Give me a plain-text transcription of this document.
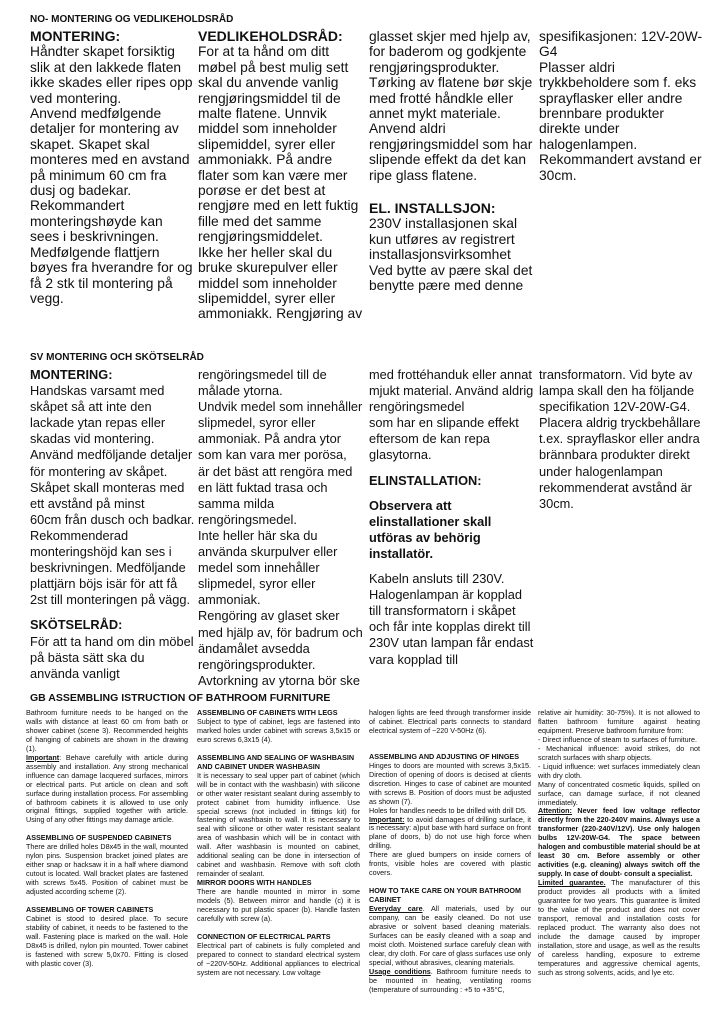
NO- MONTERING OG VEDLIKEHOLDSRÅD

MONTERING:

Håndter skapet forsiktig

slik at den lakkede flaten

ikke skades eller ripes opp

ved montering.

Anvend medfølgende

detaljer for montering av

skapet. Skapet skal

monteres med en avstand

på minimum 60 cm fra

dusj og badekar.

Rekommandert

monteringshøyde kan

sees i beskrivningen.

Medfølgende flattjern

bøyes fra hverandre for og

få 2 stk til montering på

vegg.

VEDLIKEHOLDSRÅD:

For at ta hånd om ditt

møbel på best mulig sett

skal du anvende vanlig

rengjøringsmiddel til de

malte flatene. Unnvik

middel som inneholder

slipemiddel, syrer eller

ammoniakk. På andre

flater som kan være mer

porøse er det best at

rengjøre med en lett fuktig

fille med det samme

rengjøringsmiddelet.

Ikke her heller skal du

bruke skurepulver eller

middel som inneholder

slipemiddel, syrer eller

ammoniakk. Rengjøring av

glasset skjer med hjelp av,

for baderom og godkjente

rengjøringsprodukter.

Tørking av flatene bør skje

med frotté håndkle eller

annet mykt materiale.

Anvend aldri

rengjøringsmiddel som har

slipende effekt da det kan

ripe glass flatene.

EL. INSTALLSJON:

230V installasjonen skal

kun utføres av registrert

installasjonsvirksomhet

Ved bytte av pære skal det

benytte pære med denne

spesifikasjonen: 12V-20W-

G4

Plasser aldri

trykkbeholdere som f. eks

sprayflasker eller andre

brennbare produkter

direkte under

halogenlampen.

Rekommandert avstand er

30cm.

SV MONTERING OCH SKÖTSELRÅD

MONTERING:

Handskas varsamt med

skåpet så att inte den

lackade ytan repas eller

skadas vid montering.

Använd medföljande detaljer

för montering av skåpet.

Skåpet skall monteras med

ett avstånd på minst

60cm från dusch och badkar.

Rekommenderad

monteringshöjd kan ses i

beskrivningen. Medföljande

plattjärn böjs isär för att få

2st till monteringen på vägg.

SKÖTSELRÅD:

För att ta hand om din möbel

på bästa sätt ska du

använda vanligt

rengöringsmedel till de

målade ytorna.

Undvik medel som innehåller

slipmedel, syror eller

ammoniak. På andra ytor

som kan vara mer porösa,

är det bäst att rengöra med

en lätt fuktad trasa och

samma milda

rengöringsmedel.

Inte heller här ska du

använda skurpulver eller

medel som innehåller

slipmedel, syror eller

ammoniak.

Rengöring av glaset sker

med hjälp av, för badrum och

ändamålet avsedda

rengöringsprodukter.

Avtorkning av ytorna bör ske

med frottéhanduk eller annat

mjukt material. Använd aldrig

rengöringsmedel

som har en slipande effekt

eftersom de kan repa

glasytorna.

ELINSTALLATION:

Observera att

elinstallationer skall

utföras av behörig

installatör.

Kabeln ansluts till 230V.

Halogenlampan är kopplad

till transformatorn i skåpet

och får inte kopplas direkt till

230V utan lampan får endast

vara kopplad till

transformatorn. Vid byte av

lampa skall den ha följande

specifikation 12V-20W-G4.

Placera aldrig tryckbehållare

t.ex. sprayflaskor eller andra

brännbara produkter direkt

under halogenlampan

rekommenderat avstånd är

30cm.

GB ASSEMBLING ISTRUCTION OF BATHROOM FURNITURE

Bathroom furniture needs to be hanged on the walls with distance at least 60 cm from bath or shower cabinet (scene 3). Recommended heights of hanging of cabinets are shown in the drawing (1).

Important: Behave carefully with article during assembly and installation. Any strong mechanical influence can damage lacquered surfaces, mirrors or electrical parts. Put article on clean and soft surface during installation process. For assembling of bathroom cabinets it is allowed to use only original fittings, supplied together with article. Using of any other fittings may damage article.

ASSEMBLING OF SUSPENDED CABINETS

There are drilled holes D8x45 in the wall, mounted nylon pins. Suspension bracket joined plates are either snap or hacksaw it in a half where diamond cutout is located. Wall bracket plates are fastened with screws 5x45. Position of cabinet must be adjusted according scheme (2).

ASSEMBLING OF TOWER CABINETS

Cabinet is stood to desired place. To secure stability of cabinet, it needs to be fastened to the wall. Fastening place is marked on the wall. Hole D8x45 is drilled, nylon pin mounted. Tower cabinet is fastened with screw 5,0x70. Fitting is closed with plastic cover (3).

ASSEMBLING OF CABINETS WITH LEGS

Subject to type of cabinet, legs are fastened into marked holes under cabinet with screws 3,5x15 or euro screws 6,3x15 (4).

ASSEMBLING AND SEALING OF WASHBASIN AND CABINET UNDER WASHBASIN

It is necessary to seal upper part of cabinet (which will be in contact with the washbasin) with silicone or other water resistant sealant during assembly to protect cabinet from humidity influence. Use special screws (not included in fittings kit) for fastening of washbasin to wall. It is necessary to seal with silicone or other water resistant sealant area of washbasin which will be in contact with wall. After washbasin is mounted on cabinet, additional sealing can be done in intersection of cabinet and washbasin. Remove with soft cloth remainder of sealant.

MIRROR DOORS WITH HANDLES

There are handle mounted in mirror in some models (5). Between mirror and handle (c) it is necessary to put plastic spacer (b). Handle fasten carefully with screw (a).

CONNECTION OF ELECTRICAL PARTS

Electrical part of cabinets is fully completed and prepared to connect to standard electrical system of ~220V-50Hz. Additional appliances to electrical system are not necessary. Low voltage

halogen lights are feed through transformer inside of cabinet. Electrical parts connects to standard electrical system of ~220 V-50Hz (6).

ASSEMBLING AND ADJUSTING OF HINGES

Hinges to doors are mounted with screws 3,5x15. Direction of opening of doors is decised at clients discretion. Hinges to case of cabinet are mounted with screws B. Position of doors must be adjusted as shown (7).

Holes for handles needs to be drilled with drill D5.

Important: to avoid damages of drilling surface, it is necessary: a)put base with hard surface on front plane of doors, b) do not use high force when drilling.

There are glued bumpers on inside corners of fronts, visible holes are covered with plastic covers.

HOW TO TAKE CARE ON YOUR BATHROOM CABINET

Everyday care. All materials, used by our company, can be easily cleaned. Do not use abrasive or solvent based cleaning materials. Surfaces can be easily cleaned with a soap and moist cloth. Moistened surface carefuly clean with clear, dry cloth. For care of glass surfaces use only special, without abrasives, cleaning materials.

Usage conditions. Bathroom furniture needs to be mounted in heating, ventilating rooms (temperature of surrounding : +5 to +35°C,

relative air humidity: 30-75%). It is not allowed to flatten bathroom furniture against heating equipment. Preserve bathroom furniture from:

- Direct influence of steam to surfaces of furniture.

- Mechanical influence: avoid strikes, do not scratch surfaces with sharp objects.

- Liquid influence: wet surfaces immediately clean with dry cloth.

Many of concentrated cosmetic liquids, spilled on surface, can damage surface, if not cleaned immediately.

Attention: Never feed low voltage reflector directly from the 220-240V mains. Always use a transformer (220-240V/12V). Use only halogen bulbs 12V-20W-G4. The space between halogen and combustible material should be at least 30 cm. Before assembly or other activities (e.g. cleaning) always switch off the supply. In case of doubt- consult a specialist.

Limited guarantee. The manufacturer of this product provides all products with a limited guarantee for two years. This guarantee is limited to the value of the product and does not cover transport, removal and installation costs for replaced product. The warranty also does not include the damage caused by improper installation, store and usage, as well as the results of careless handling, exposure to extreme temperatures and aggressive chemical agents, such as strong solvents, acids, and lye etc.
